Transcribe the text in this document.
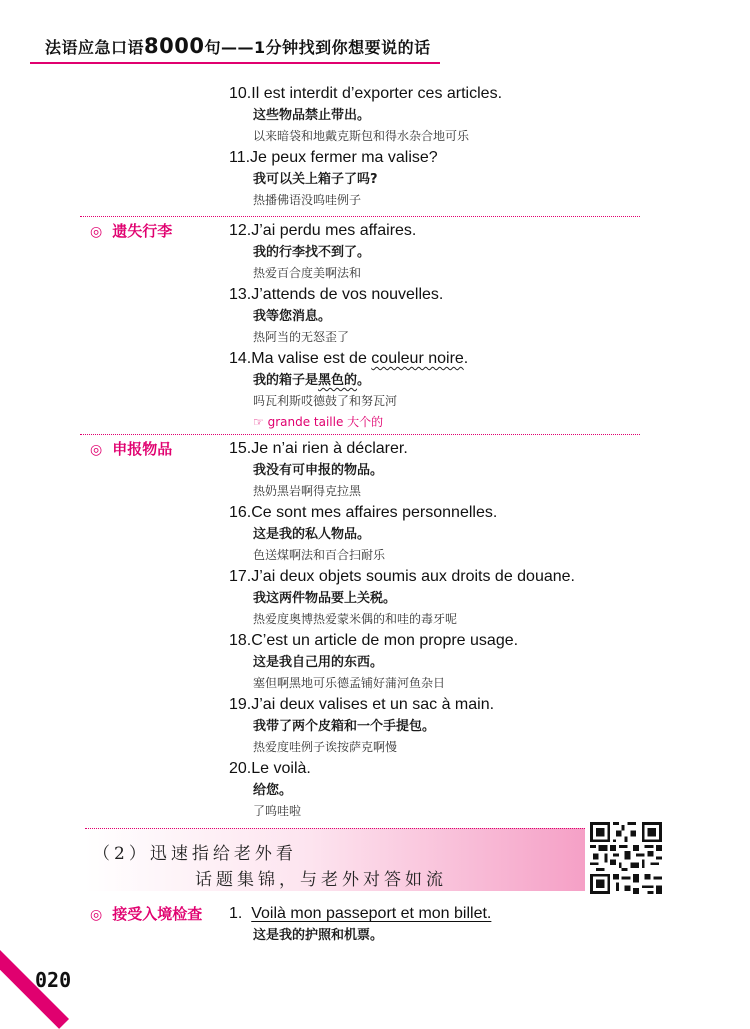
法语应急口语8000句——1分钟找到你想要说的话
10.Il est interdit d’exporter ces articles.
这些物品禁止带出。
以来暗袋和地戴克斯包和得水杂合地可乐
11.Je peux fermer ma valise?
我可以关上箱子了吗?
热播佛语没呜哇例子
◎ 遗失行李	12.J’ai perdu mes affaires.
我的行李找不到了。
热爱百合度美啊法和
13.J’attends de vos nouvelles.
我等您消息。
热阿当的无怒歪了
14.Ma valise est de couleur noire.
我的箱子是黑色的。
吗瓦利斯哎德鼓了和努瓦河
☞ grande taille 大个的
◎ 申报物品	15.Je n’ai rien à déclarer.
我没有可申报的物品。
热奶黑岩啊得克拉黑
16.Ce sont mes affaires personnelles.
这是我的私人物品。
色送煤啊法和百合扫耐乐
17.J’ai deux objets soumis aux droits de douane.
我这两件物品要上关税。
热爱度奥博热爱蒙米偶的和哇的毒牙呢
18.C’est un article de mon propre usage.
这是我自己用的东西。
塞但啊黑地可乐德孟铺好蒲河鱼杂日
19.J’ai deux valises et un sac à main.
我带了两个皮箱和一个手提包。
热爱度哇例子诶按萨克啊慢
20.Le voilà.
给您。
了呜哇啦
（2）迅速指给老外看
话题集锦，与老外对答如流
◎ 接受入境检查 1. Voilà mon passeport et mon billet.
这是我的护照和机票。
020
